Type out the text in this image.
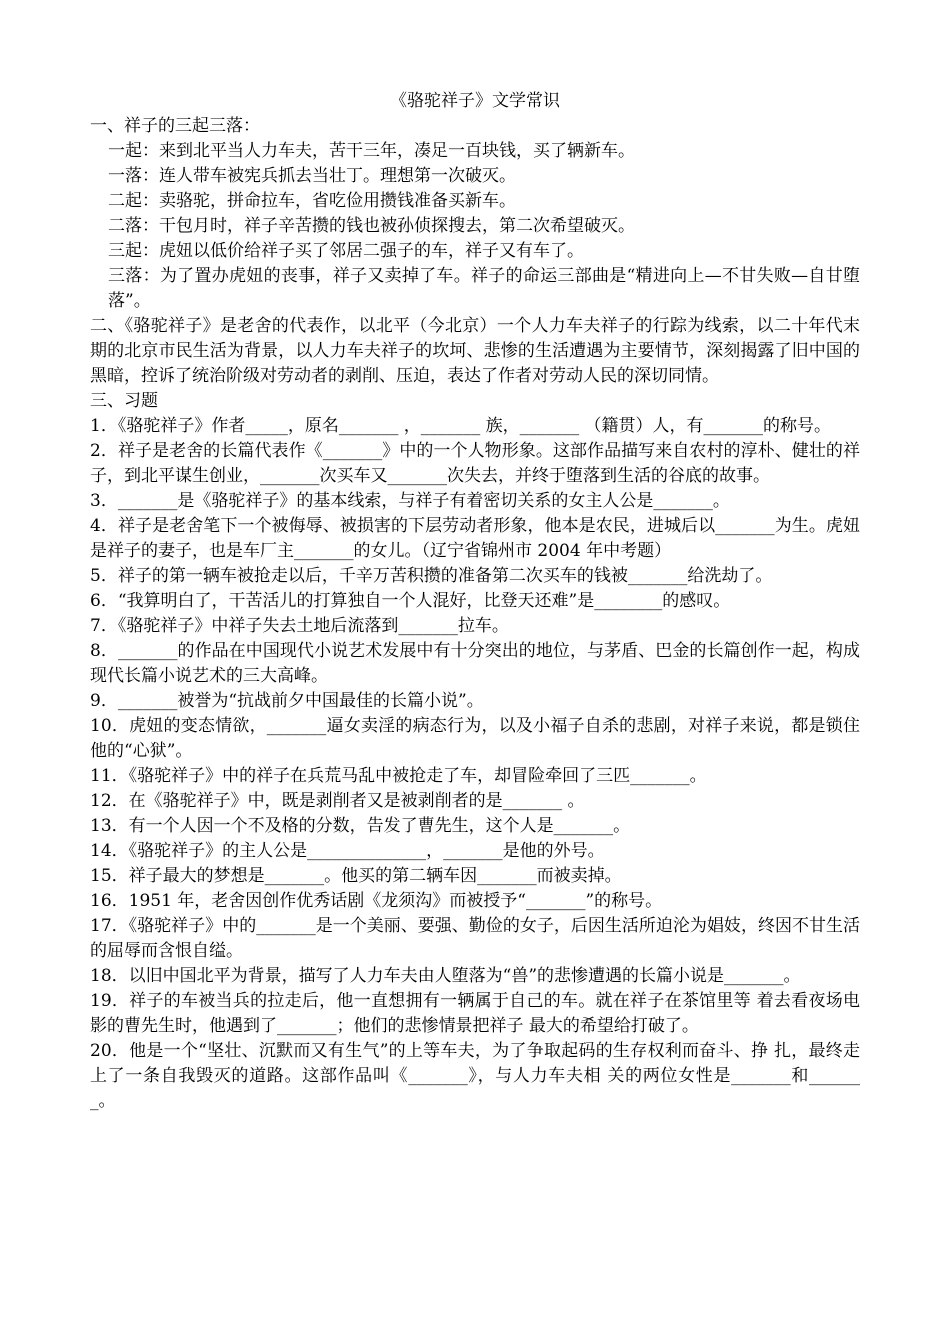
《骆驼祥子》文学常识

一、祥子的三起三落：

一起：来到北平当人力车夫，苦干三年，凑足一百块钱，买了辆新车。

一落：连人带车被宪兵抓去当壮丁。理想第一次破灭。

二起：卖骆驼，拼命拉车，省吃俭用攒钱准备买新车。

二落：干包月时，祥子辛苦攒的钱也被孙侦探搜去，第二次希望破灭。

三起：虎妞以低价给祥子买了邻居二强子的车，祥子又有车了。

三落：为了置办虎妞的丧事，祥子又卖掉了车。祥子的命运三部曲是“精进向上—不甘失败—自甘堕落”。

二、《骆驼祥子》是老舍的代表作，以北平（今北京）一个人力车夫祥子的行踪为线索，以二十年代末期的北京市民生活为背景，以人力车夫祥子的坎坷、悲惨的生活遭遇为主要情节，深刻揭露了旧中国的黑暗，控诉了统治阶级对劳动者的剥削、压迫，表达了作者对劳动人民的深切同情。

三、习题

1．《骆驼祥子》作者_____，原名_______ ，_______ 族，_______ （籍贯）人，有_______的称号。

2．祥子是老舍的长篇代表作《_______》中的一个人物形象。这部作品描写来自农村的淳朴、健壮的祥子，到北平谋生创业，_______次买车又_______次失去，并终于堕落到生活的谷底的故事。

3．_______是《骆驼祥子》的基本线索，与祥子有着密切关系的女主人公是_______。

4．祥子是老舍笔下一个被侮辱、被损害的下层劳动者形象，他本是农民，进城后以_______为生。虎妞是祥子的妻子，也是车厂主_______的女儿。（辽宁省锦州市 2004 年中考题）

5．祥子的第一辆车被抢走以后，千辛万苦积攒的准备第二次买车的钱被_______给洗劫了。

6．“我算明白了，干苦活儿的打算独自一个人混好，比登天还难”是________的感叹。

7．《骆驼祥子》中祥子失去土地后流落到_______拉车。

8．_______的作品在中国现代小说艺术发展中有十分突出的地位，与茅盾、巴金的长篇创作一起，构成现代长篇小说艺术的三大高峰。

9．_______被誉为“抗战前夕中国最佳的长篇小说”。

10．虎妞的变态情欲，_______逼女卖淫的病态行为，以及小福子自杀的悲剧，对祥子来说，都是锁住他的“心狱”。

11．《骆驼祥子》中的祥子在兵荒马乱中被抢走了车，却冒险牵回了三匹_______。

12．在《骆驼祥子》中，既是剥削者又是被剥削者的是_______ 。

13．有一个人因一个不及格的分数，告发了曹先生，这个人是_______。

14．《骆驼祥子》的主人公是______________，_______是他的外号。

15．祥子最大的梦想是_______。他买的第二辆车因_______而被卖掉。

16．1951 年，老舍因创作优秀话剧《龙须沟》而被授予“_______”的称号。

17．《骆驼祥子》中的_______是一个美丽、要强、勤俭的女子，后因生活所迫沦为娼妓，终因不甘生活的屈辱而含恨自缢。

18．以旧中国北平为背景，描写了人力车夫由人堕落为“兽”的悲惨遭遇的长篇小说是_______。

19．祥子的车被当兵的拉走后，他一直想拥有一辆属于自己的车。就在祥子在茶馆里等 着去看夜场电影的曹先生时，他遇到了_______；他们的悲惨情景把祥子 最大的希望给打破了。

20．他是一个“坚壮、沉默而又有生气”的上等车夫，为了争取起码的生存权利而奋斗、挣 扎，最终走上了一条自我毁灭的道路。这部作品叫《_______》，与人力车夫相 关的两位女性是_______和_______。
